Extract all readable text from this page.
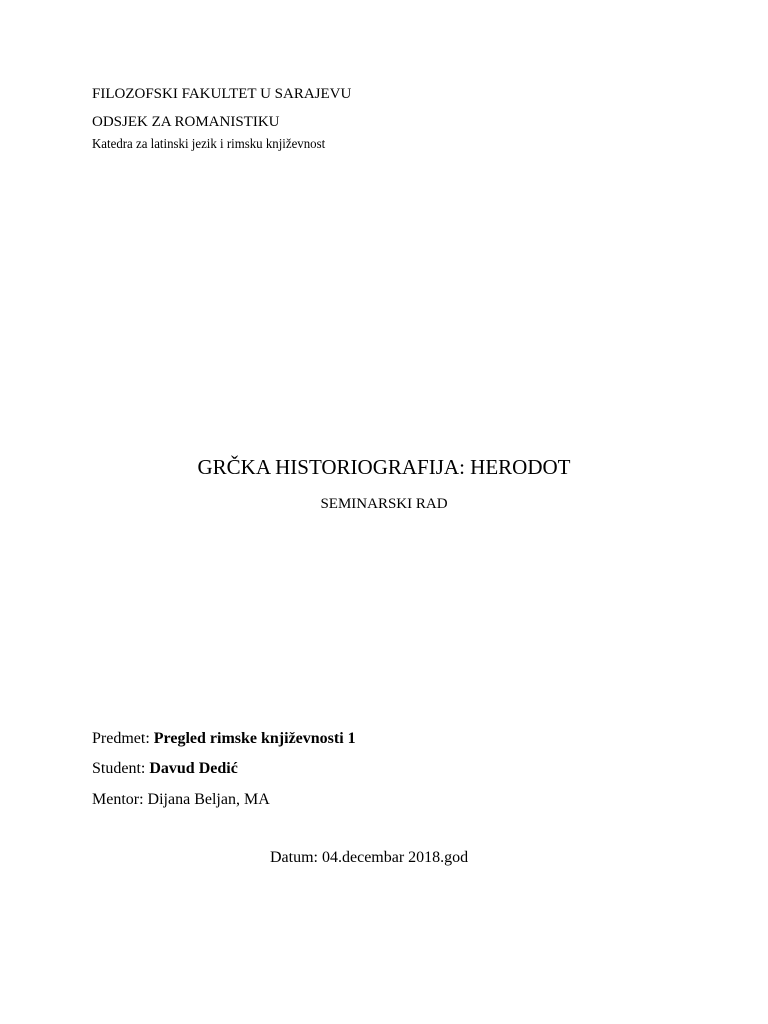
FILOZOFSKI FAKULTET U SARAJEVU
ODSJEK ZA ROMANISTIKU
Katedra za latinski jezik i rimsku književnost
GRČKA HISTORIOGRAFIJA: HERODOT
SEMINARSKI RAD
Predmet: Pregled rimske književnosti 1
Student: Davud Dedić
Mentor: Dijana Beljan, MA
Datum: 04.decembar 2018.god
